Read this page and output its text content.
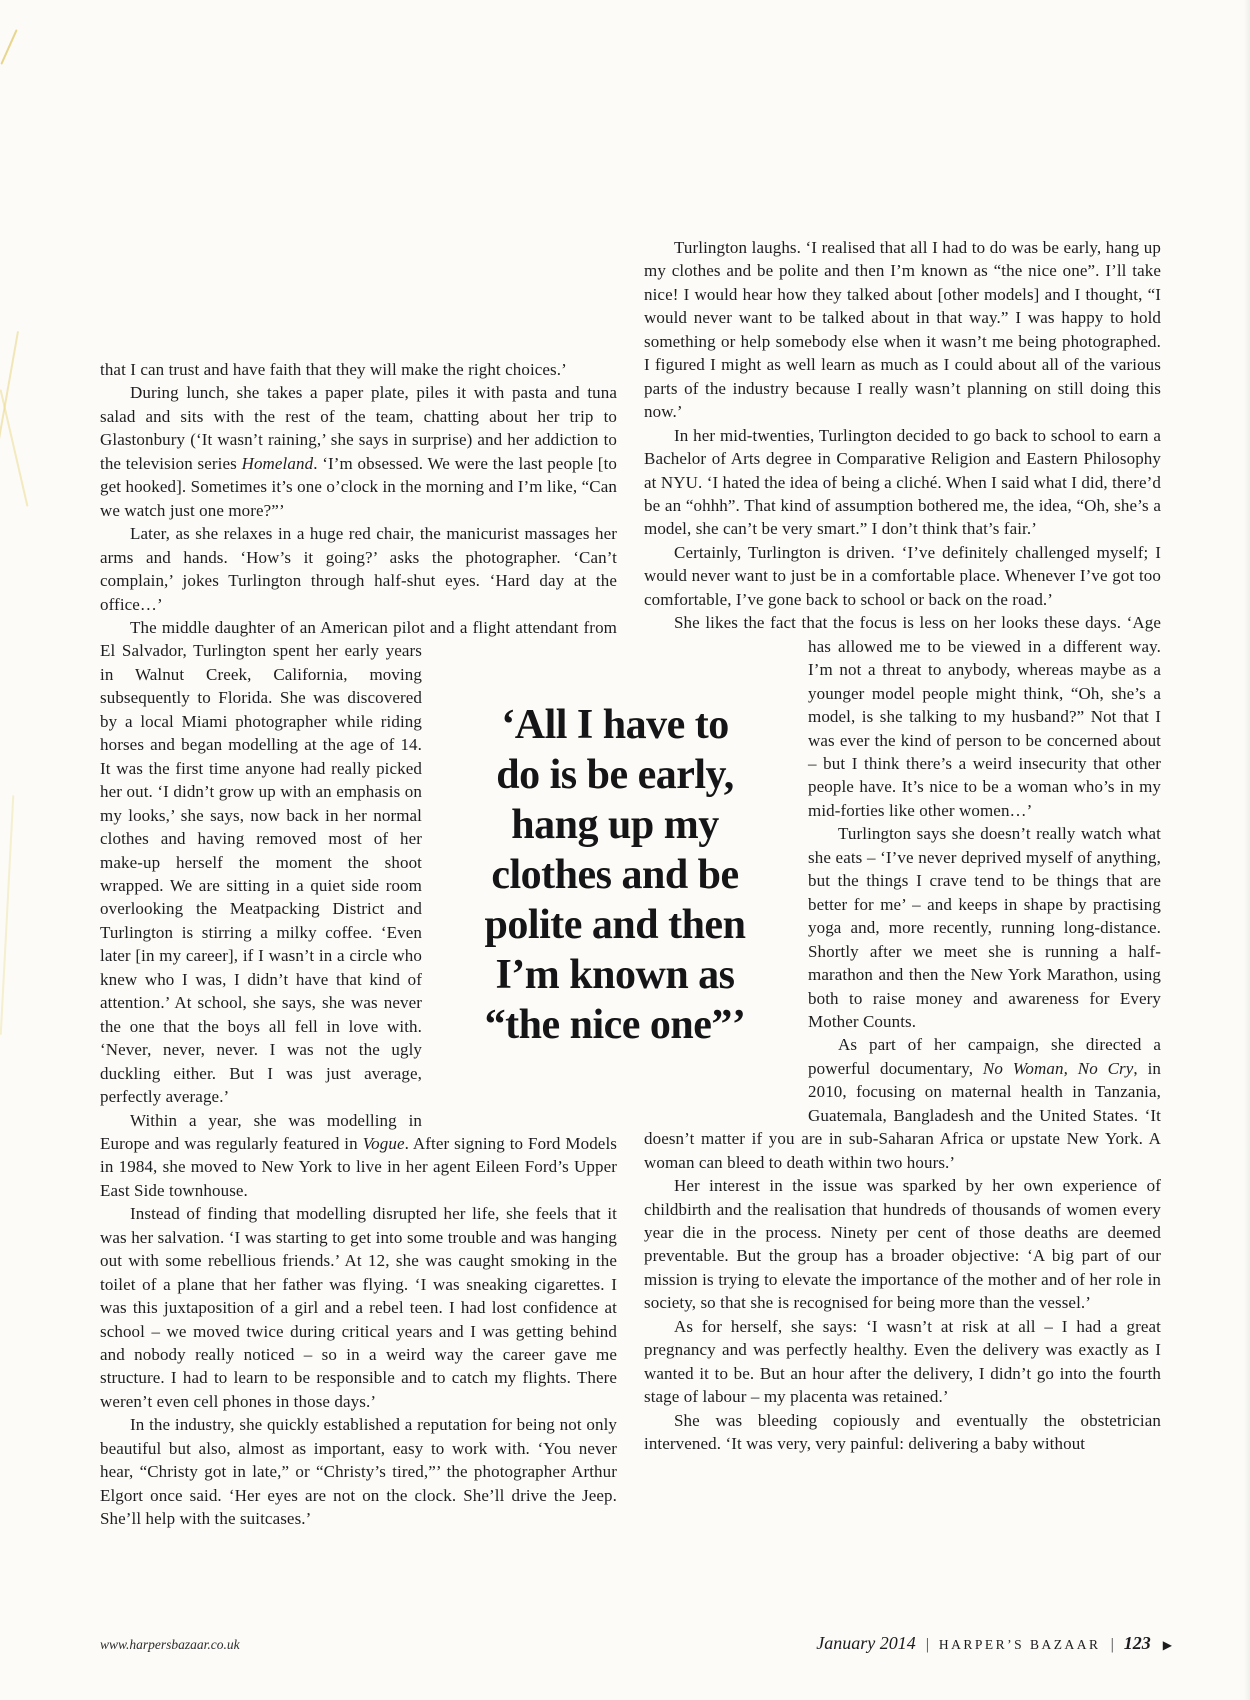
that I can trust and have faith that they will make the right choices.’

During lunch, she takes a paper plate, piles it with pasta and tuna salad and sits with the rest of the team, chatting about her trip to Glastonbury (‘It wasn’t raining,’ she says in surprise) and her addiction to the television series Homeland. ‘I’m obsessed. We were the last people [to get hooked]. Sometimes it’s one o’clock in the morning and I’m like, “Can we watch just one more?”’

Later, as she relaxes in a huge red chair, the manicurist massages her arms and hands. ‘How’s it going?’ asks the photographer. ‘Can’t complain,’ jokes Turlington through half-shut eyes. ‘Hard day at the office…’

The middle daughter of an American pilot and a flight attendant from El Salvador, Turlington spent her early years in Walnut Creek, California, moving subsequently to Florida. She was discovered by a local Miami photographer while riding horses and began modelling at the age of 14. It was the first time anyone had really picked her out. ‘I didn’t grow up with an emphasis on my looks,’ she says, now back in her normal clothes and having removed most of her make-up herself the moment the shoot wrapped. We are sitting in a quiet side room overlooking the Meatpacking District and Turlington is stirring a milky coffee. ‘Even later [in my career], if I wasn’t in a circle who knew who I was, I didn’t have that kind of attention.’ At school, she says, she was never the one that the boys all fell in love with. ‘Never, never, never. I was not the ugly duckling either. But I was just average, perfectly average.’

Within a year, she was modelling in Europe and was regularly featured in Vogue. After signing to Ford Models in 1984, she moved to New York to live in her agent Eileen Ford’s Upper East Side townhouse.

Instead of finding that modelling disrupted her life, she feels that it was her salvation. ‘I was starting to get into some trouble and was hanging out with some rebellious friends.’ At 12, she was caught smoking in the toilet of a plane that her father was flying. ‘I was sneaking cigarettes. I was this juxtaposition of a girl and a rebel teen. I had lost confidence at school – we moved twice during critical years and I was getting behind and nobody really noticed – so in a weird way the career gave me structure. I had to learn to be responsible and to catch my flights. There weren’t even cell phones in those days.’

In the industry, she quickly established a reputation for being not only beautiful but also, almost as important, easy to work with. ‘You never hear, “Christy got in late,” or “Christy’s tired,”’ the photographer Arthur Elgort once said. ‘Her eyes are not on the clock. She’ll drive the Jeep. She’ll help with the suitcases.’

Turlington laughs. ‘I realised that all I had to do was be early, hang up my clothes and be polite and then I’m known as “the nice one”. I’ll take nice! I would hear how they talked about [other models] and I thought, “I would never want to be talked about in that way.” I was happy to hold something or help somebody else when it wasn’t me being photographed. I figured I might as well learn as much as I could about all of the various parts of the industry because I really wasn’t planning on still doing this now.’

In her mid-twenties, Turlington decided to go back to school to earn a Bachelor of Arts degree in Comparative Religion and Eastern Philosophy at NYU. ‘I hated the idea of being a cliché. When I said what I did, there’d be an “ohhh”. That kind of assumption bothered me, the idea, “Oh, she’s a model, she can’t be very smart.” I don’t think that’s fair.’

Certainly, Turlington is driven. ‘I’ve definitely challenged myself; I would never want to just be in a comfortable place. Whenever I’ve got too comfortable, I’ve gone back to school or back on the road.’

She likes the fact that the focus is less on her looks these days. ‘Age has allowed me to be viewed in a different way. I’m not a threat to anybody, whereas maybe as a younger model people might think, “Oh, she’s a model, is she talking to my husband?” Not that I was ever the kind of person to be concerned about – but I think there’s a weird insecurity that other people have. It’s nice to be a woman who’s in my mid-forties like other women…’

Turlington says she doesn’t really watch what she eats – ‘I’ve never deprived myself of anything, but the things I crave tend to be things that are better for me’ – and keeps in shape by practising yoga and, more recently, running long-distance. Shortly after we meet she is running a half-marathon and then the New York Marathon, using both to raise money and awareness for Every Mother Counts.

As part of her campaign, she directed a powerful documentary, No Woman, No Cry, in 2010, focusing on maternal health in Tanzania, Guatemala, Bangladesh and the United States. ‘It doesn’t matter if you are in sub-Saharan Africa or upstate New York. A woman can bleed to death within two hours.’

Her interest in the issue was sparked by her own experience of childbirth and the realisation that hundreds of thousands of women every year die in the process. Ninety per cent of those deaths are deemed preventable. But the group has a broader objective: ‘A big part of our mission is trying to elevate the importance of the mother and of her role in society, so that she is recognised for being more than the vessel.’

As for herself, she says: ‘I wasn’t at risk at all – I had a great pregnancy and was perfectly healthy. Even the delivery was exactly as I wanted it to be. But an hour after the delivery, I didn’t go into the fourth stage of labour – my placenta was retained.’

She was bleeding copiously and eventually the obstetrician intervened. ‘It was very, very painful: delivering a baby without

‘All I have to
do is be early,
hang up my
clothes and be
polite and then
I’m known as
“the nice one”’
www.harpersbazaar.co.uk	January 2014 | HARPER’S BAZAAR | 123 ▶
